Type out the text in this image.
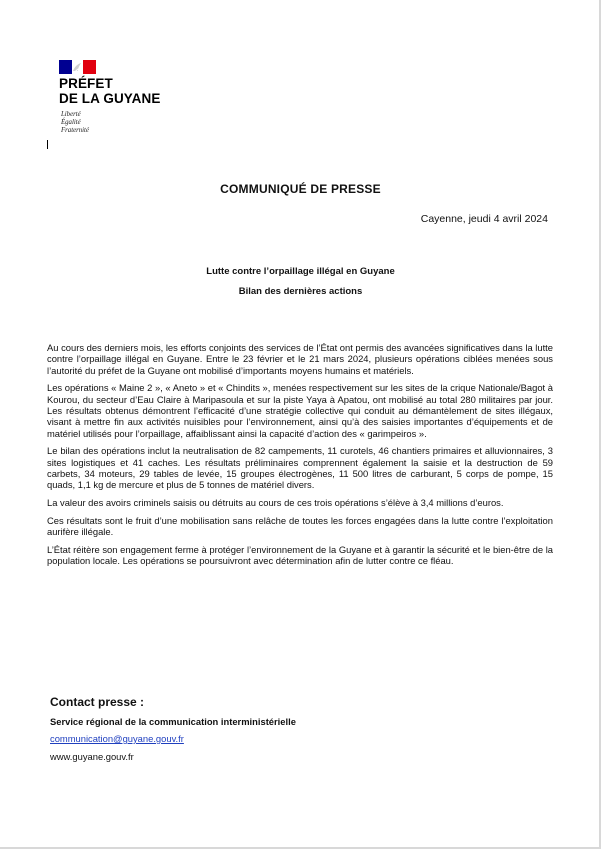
PRÉFET
DE LA GUYANE
Liberté
Égalité
Fraternité
COMMUNIQUÉ DE PRESSE
Cayenne, jeudi 4 avril 2024
Lutte contre l’orpaillage illégal en Guyane
Bilan des dernières actions

Au cours des derniers mois, les efforts conjoints des services de l’État ont permis des avancées significatives dans la lutte contre l’orpaillage illégal en Guyane. Entre le 23 février et le 21 mars 2024, plusieurs opérations ciblées menées sous l’autorité du préfet de la Guyane ont mobilisé d’importants moyens humains et matériels.

Les opérations « Maine 2 », « Aneto » et « Chindits », menées respectivement sur les sites de la crique Nationale/Bagot à Kourou, du secteur d’Eau Claire à Maripasoula et sur la piste Yaya à Apatou, ont mobilisé au total 280 militaires par jour. Les résultats obtenus démontrent l’efficacité d’une stratégie collective qui conduit au démantèlement de sites illégaux, visant à mettre fin aux activités nuisibles pour l’environnement, ainsi qu’à des saisies importantes d’équipements et de matériel utilisés pour l’orpaillage, affaiblissant ainsi la capacité d’action des « garimpeiros ».

Le bilan des opérations inclut la neutralisation de 82 campements, 11 curotels, 46 chantiers primaires et alluvionnaires, 3 sites logistiques et 41 caches. Les résultats préliminaires comprennent également la saisie et la destruction de 59 carbets, 34 moteurs, 29 tables de levée, 15 groupes électrogènes, 11 500 litres de carburant, 5 corps de pompe, 15 quads, 1,1 kg de mercure et plus de 5 tonnes de matériel divers.

La valeur des avoirs criminels saisis ou détruits au cours de ces trois opérations s’élève à 3,4 millions d’euros.

Ces résultats sont le fruit d’une mobilisation sans relâche de toutes les forces engagées dans la lutte contre l’exploitation aurifère illégale.

L’État réitère son engagement ferme à protéger l’environnement de la Guyane et à garantir la sécurité et le bien-être de la population locale. Les opérations se poursuivront avec détermination afin de lutter contre ce fléau.

Contact presse :
Service régional de la communication interministérielle
communication@guyane.gouv.fr
www.guyane.gouv.fr
